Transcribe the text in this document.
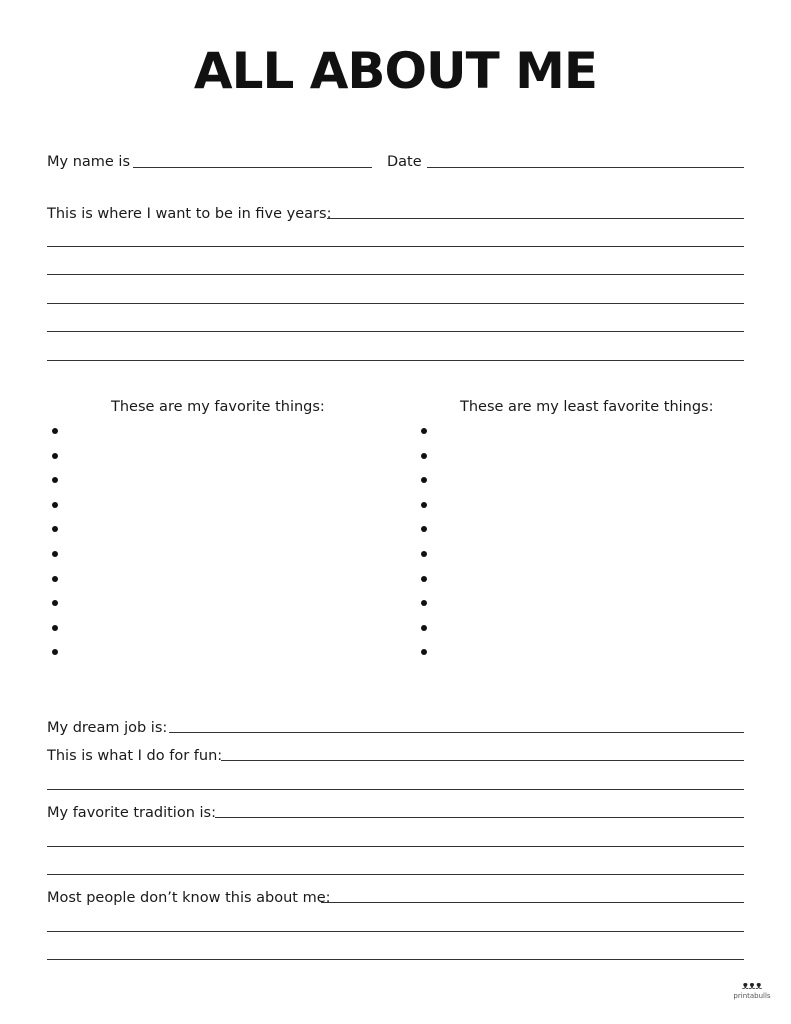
ALL ABOUT ME
My name is	Date
This is where I want to be in five years:
These are my favorite things:	These are my least favorite things:
My dream job is:
This is what I do for fun:
My favorite tradition is:
Most people don’t know this about me:
ᴥᴥᴥ
printabulls
